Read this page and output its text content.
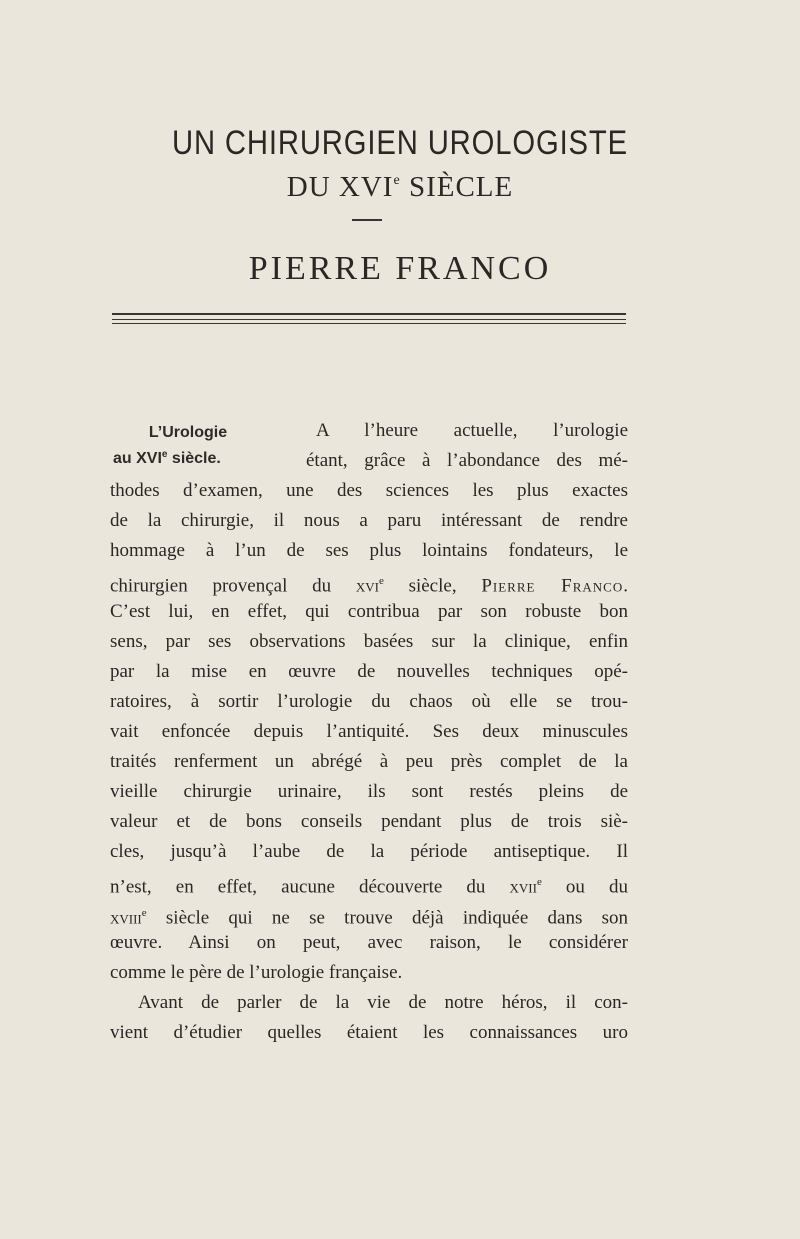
UN CHIRURGIEN UROLOGISTE
DU XVIe SIÈCLE
PIERRE FRANCO
L’Urologie
au XVIe siècle.
A l’heure actuelle, l’urologie
étant, grâce à l’abondance des mé-
thodes d’examen, une des sciences les plus exactes
de la chirurgie, il nous a paru intéressant de rendre
hommage à l’un de ses plus lointains fondateurs, le
chirurgien provençal du xvi$^e$ siècle, Pierre Franco.
C’est lui, en effet, qui contribua par son robuste bon
sens, par ses observations basées sur la clinique, enfin
par la mise en œuvre de nouvelles techniques opé-
ratoires, à sortir l’urologie du chaos où elle se trou-
vait enfoncée depuis l’antiquité. Ses deux minuscules
traités renferment un abrégé à peu près complet de la
vieille chirurgie urinaire, ils sont restés pleins de
valeur et de bons conseils pendant plus de trois siè-
cles, jusqu’à l’aube de la période antiseptique. Il
n’est, en effet, aucune découverte du xvii$^e$ ou du
xviii$^e$ siècle qui ne se trouve déjà indiquée dans son
œuvre. Ainsi on peut, avec raison, le considérer
comme le père de l’urologie française.
Avant de parler de la vie de notre héros, il con-
vient d’étudier quelles étaient les connaissances uro
